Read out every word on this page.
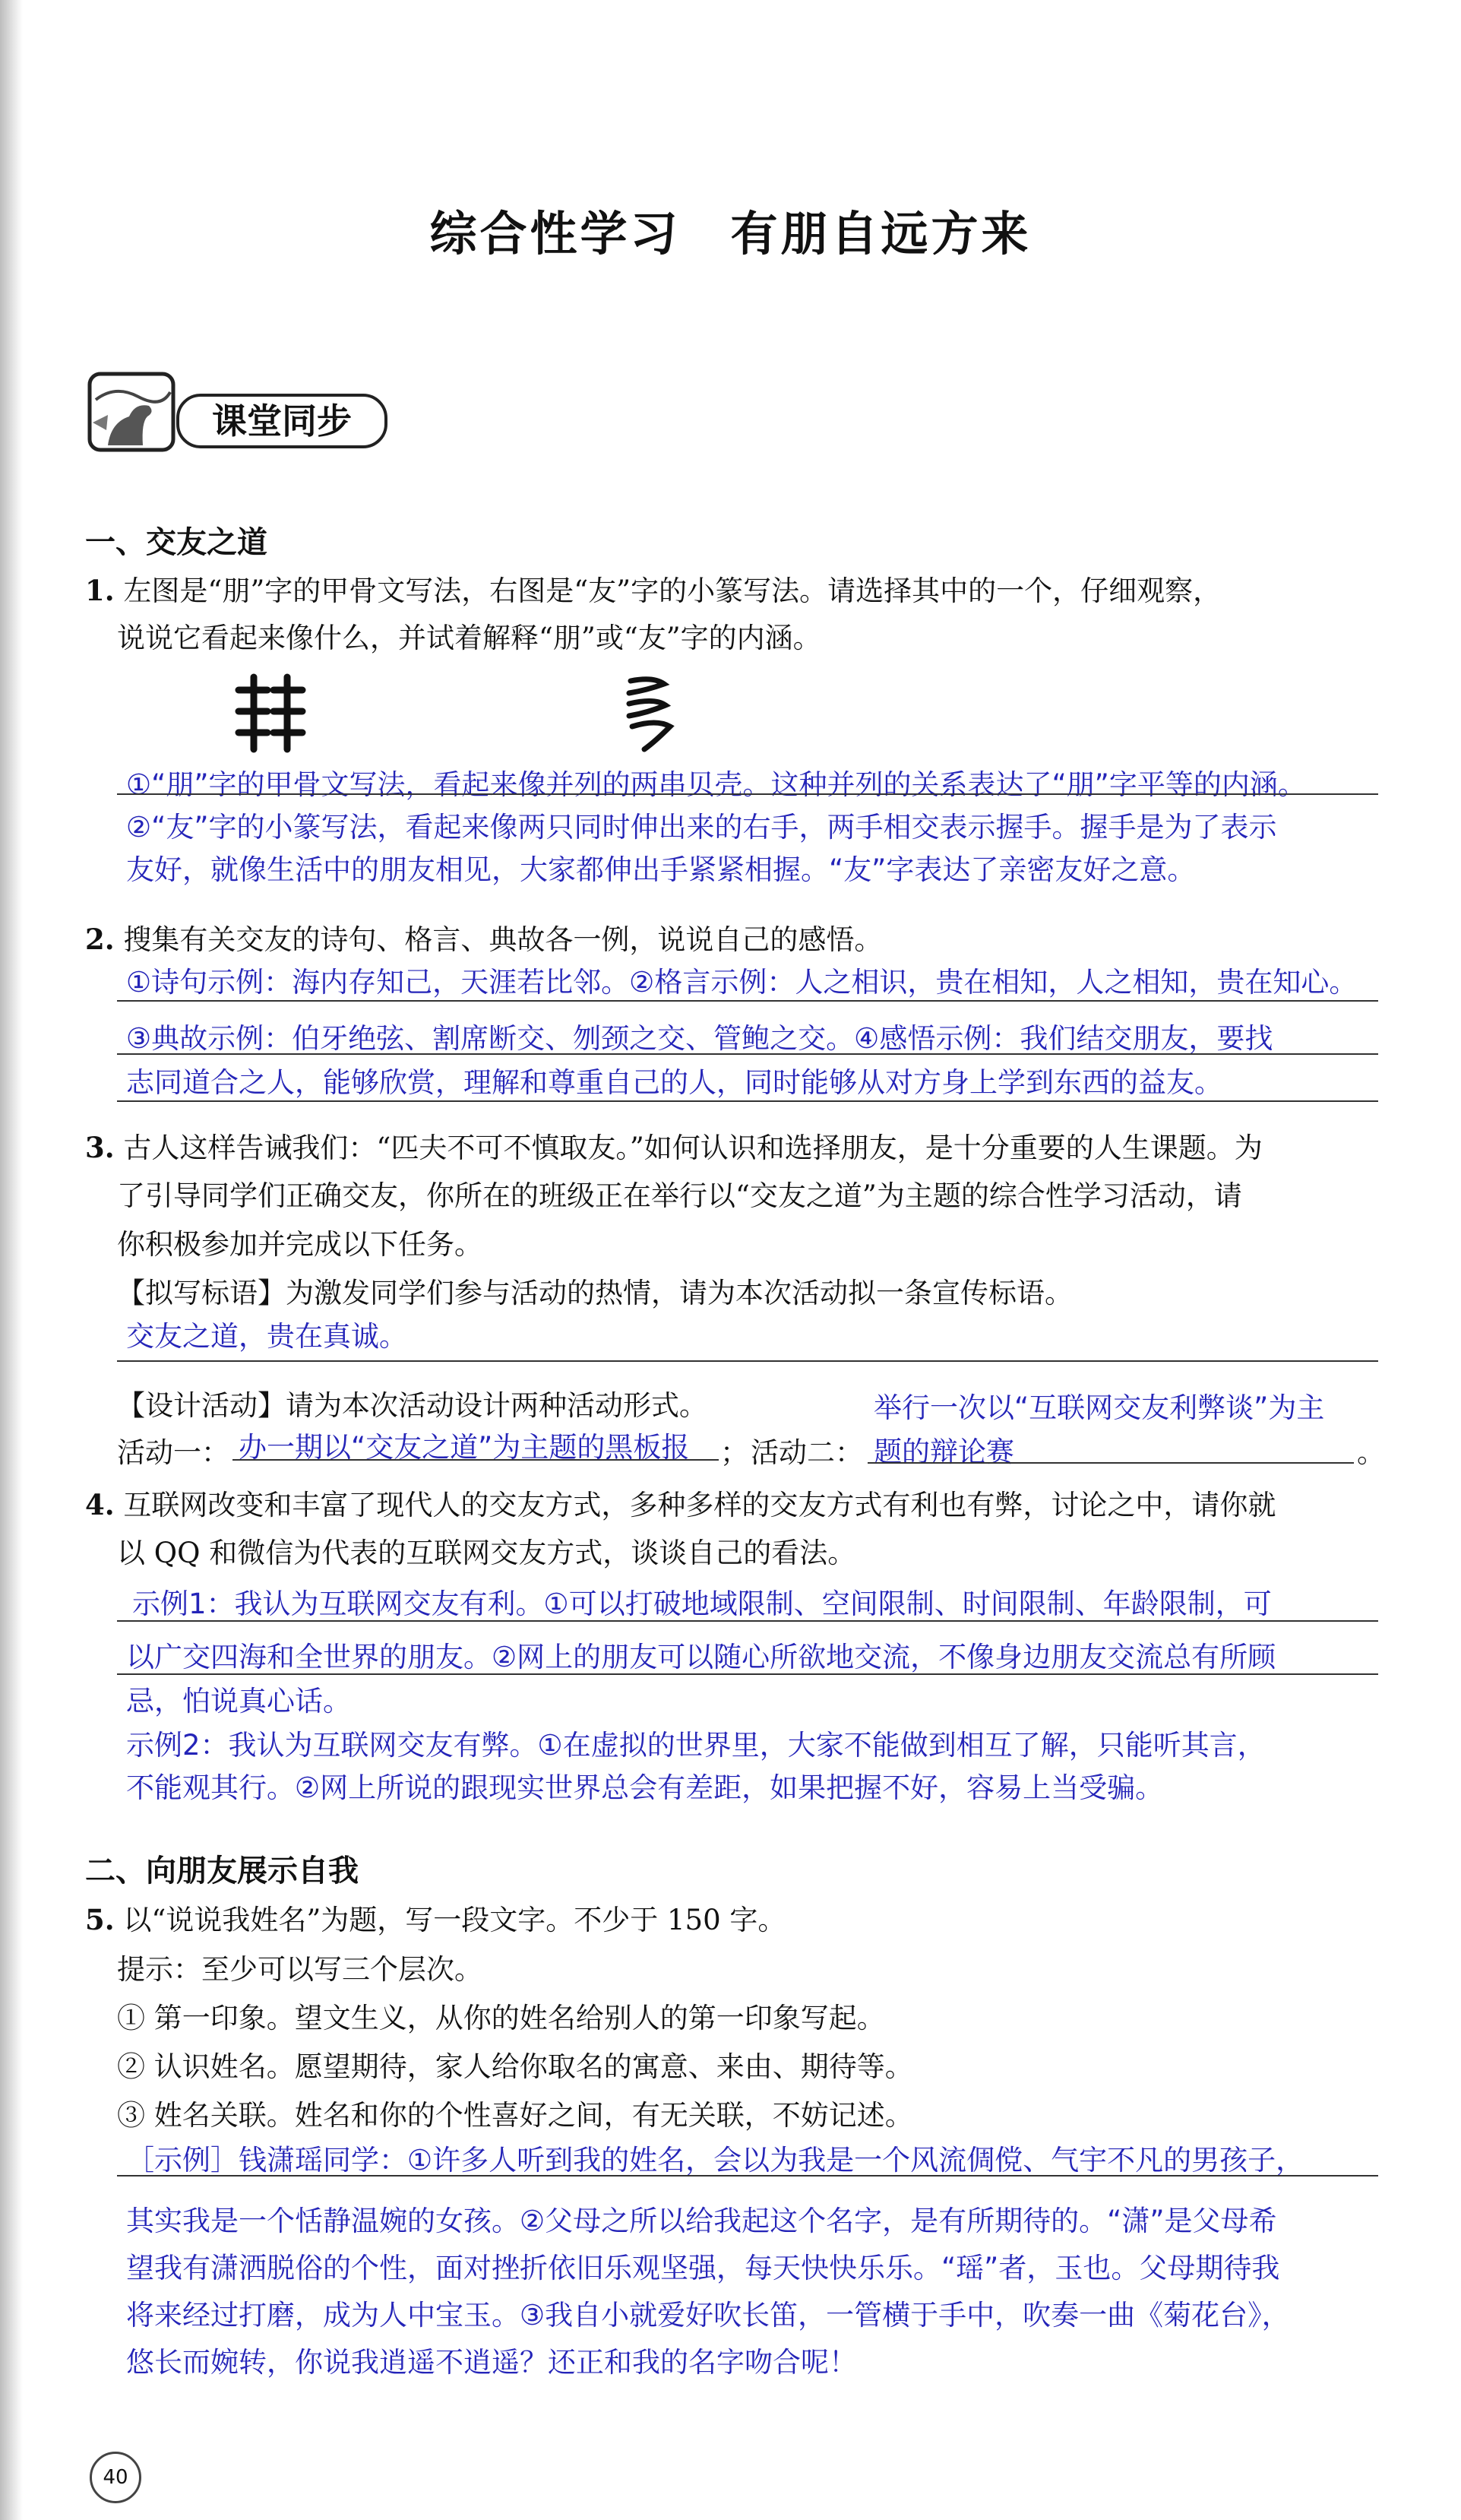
综合性学习　有朋自远方来
课堂同步
一、交友之道
1. 左图是“朋”字的甲骨文写法，右图是“友”字的小篆写法。请选择其中的一个，仔细观察，
说说它看起来像什么，并试着解释“朋”或“友”字的内涵。
①“朋”字的甲骨文写法，看起来像并列的两串贝壳。这种并列的关系表达了“朋”字平等的内涵。
②“友”字的小篆写法，看起来像两只同时伸出来的右手，两手相交表示握手。握手是为了表示
友好，就像生活中的朋友相见，大家都伸出手紧紧相握。“友”字表达了亲密友好之意。
2. 搜集有关交友的诗句、格言、典故各一例，说说自己的感悟。
①诗句示例：海内存知己，天涯若比邻。②格言示例：人之相识，贵在相知，人之相知，贵在知心。
③典故示例：伯牙绝弦、割席断交、刎颈之交、管鲍之交。④感悟示例：我们结交朋友，要找
志同道合之人，能够欣赏，理解和尊重自己的人，同时能够从对方身上学到东西的益友。
3. 古人这样告诫我们：“匹夫不可不慎取友。”如何认识和选择朋友，是十分重要的人生课题。为
了引导同学们正确交友，你所在的班级正在举行以“交友之道”为主题的综合性学习活动，请
你积极参加并完成以下任务。
【拟写标语】为激发同学们参与活动的热情，请为本次活动拟一条宣传标语。
交友之道，贵在真诚。
【设计活动】请为本次活动设计两种活动形式。	举行一次以“互联网交友利弊谈”为主
活动一： 办一期以“交友之道”为主题的黑板报 ； 活动二： 题的辩论赛	。
4. 互联网改变和丰富了现代人的交友方式，多种多样的交友方式有利也有弊，讨论之中，请你就
以 QQ 和微信为代表的互联网交友方式，谈谈自己的看法。
示例1：我认为互联网交友有利。①可以打破地域限制、空间限制、时间限制、年龄限制，可
以广交四海和全世界的朋友。②网上的朋友可以随心所欲地交流，不像身边朋友交流总有所顾
忌，怕说真心话。
示例2：我认为互联网交友有弊。①在虚拟的世界里，大家不能做到相互了解，只能听其言，
不能观其行。②网上所说的跟现实世界总会有差距，如果把握不好，容易上当受骗。
二、向朋友展示自我
5. 以“说说我姓名”为题，写一段文字。不少于 150 字。
提示：至少可以写三个层次。
① 第一印象。望文生义，从你的姓名给别人的第一印象写起。
② 认识姓名。愿望期待，家人给你取名的寓意、来由、期待等。
③ 姓名关联。姓名和你的个性喜好之间，有无关联，不妨记述。
［示例］钱潇瑶同学：①许多人听到我的姓名，会以为我是一个风流倜傥、气宇不凡的男孩子，
其实我是一个恬静温婉的女孩。②父母之所以给我起这个名字，是有所期待的。“潇”是父母希
望我有潇洒脱俗的个性，面对挫折依旧乐观坚强，每天快快乐乐。“瑶”者，玉也。父母期待我
将来经过打磨，成为人中宝玉。③我自小就爱好吹长笛，一管横于手中，吹奏一曲《菊花台》，
悠长而婉转，你说我逍遥不逍遥？还正和我的名字吻合呢！
40
